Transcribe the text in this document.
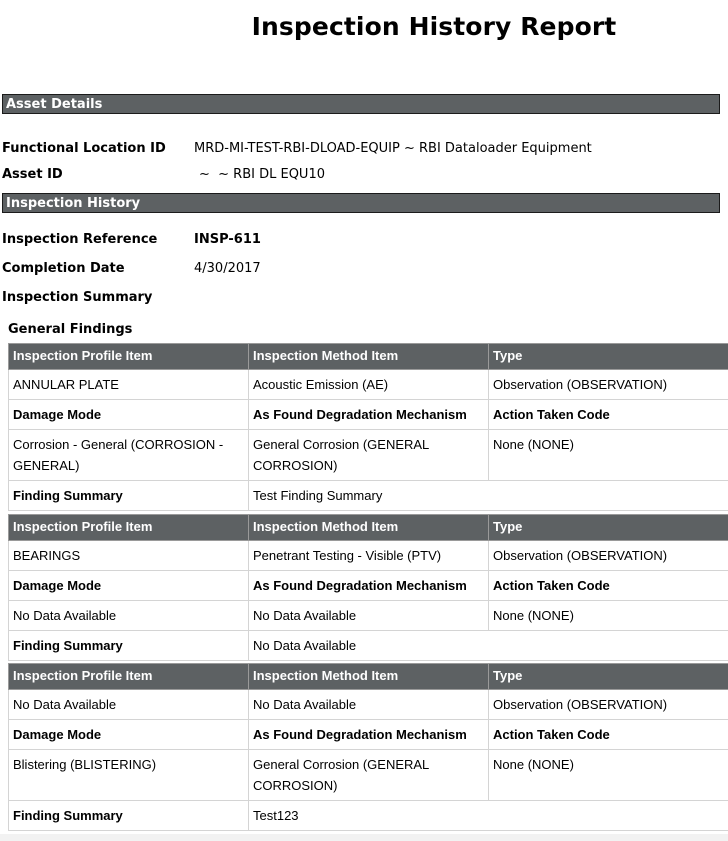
Inspection History Report
Asset Details
Functional Location ID MRD-MI-TEST-RBI-DLOAD-EQUIP ~ RBI Dataloader Equipment
Asset ID	~  ~ RBI DL EQU10
Inspection History
Inspection Reference	INSP-611
Completion Date	4/30/2017
Inspection Summary
General Findings
Inspection Profile Item	Inspection Method Item	Type
ANNULAR PLATE	Acoustic Emission (AE)	Observation (OBSERVATION)
Damage Mode	As Found Degradation Mechanism	Action Taken Code
Corrosion - General (CORROSION - GENERAL)	General Corrosion (GENERAL CORROSION)	None (NONE)
Finding Summary	Test Finding Summary	
Inspection Profile Item	Inspection Method Item	Type
BEARINGS	Penetrant Testing - Visible (PTV)	Observation (OBSERVATION)
Damage Mode	As Found Degradation Mechanism	Action Taken Code
No Data Available	No Data Available	None (NONE)
Finding Summary	No Data Available	
Inspection Profile Item	Inspection Method Item	Type
No Data Available	No Data Available	Observation (OBSERVATION)
Damage Mode	As Found Degradation Mechanism	Action Taken Code
Blistering (BLISTERING)	General Corrosion (GENERAL CORROSION)	None (NONE)
Finding Summary	Test123	
